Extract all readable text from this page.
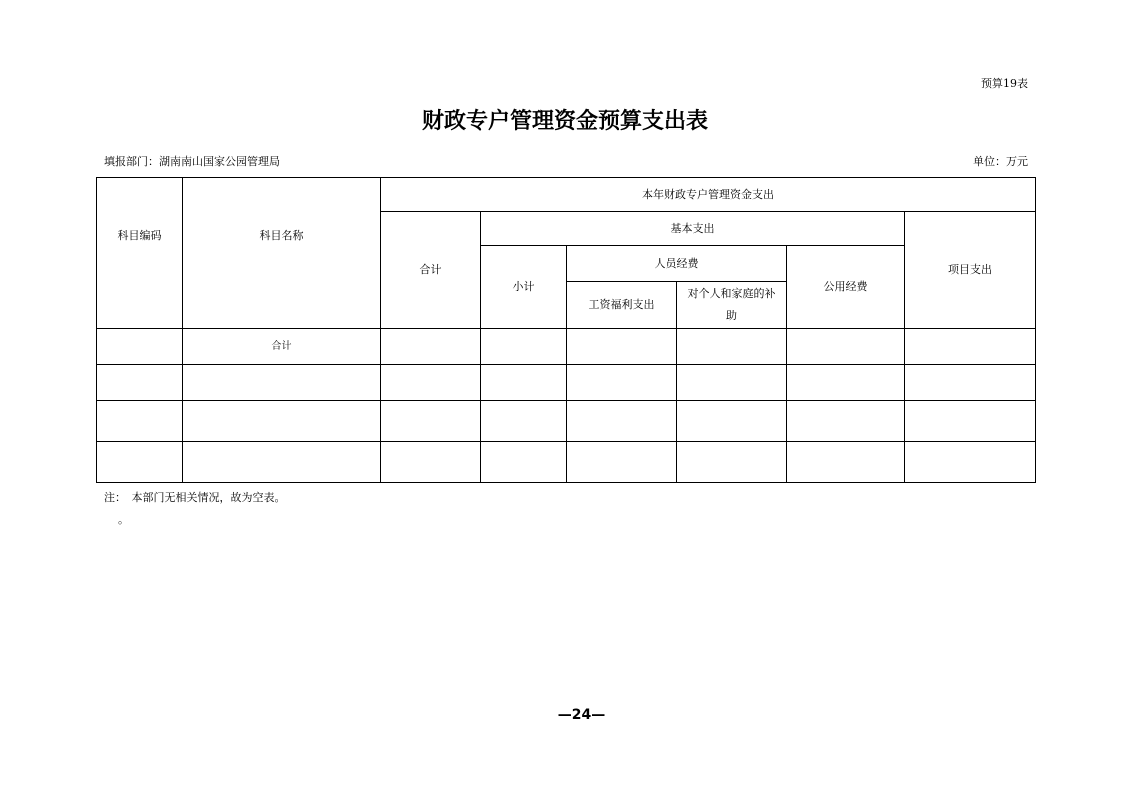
预算19表
财政专户管理资金预算支出表
填报部门：湖南南山国家公园管理局	单位：万元
科目编码	科目名称	本年财政专户管理资金支出					
		合计	基本支出				项目支出
			小计	人员经费		公用经费	
				工资福利支出	对个人和家庭的补助		
	合计						

注：　本部门无相关情况，故为空表。
。
—24—
